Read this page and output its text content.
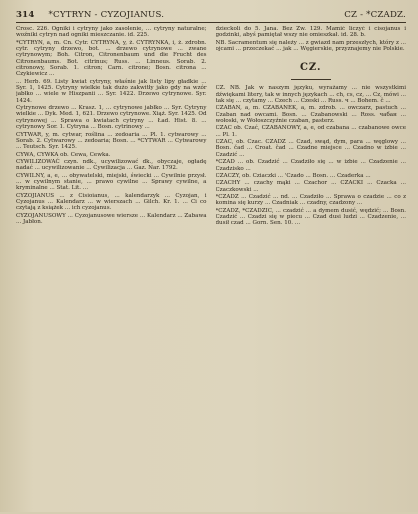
314 *CYTRYN - CYZOJIANUS.	CZ - *CZADZ.

Crosc. 226. Ogniki i cytryny jako zasolenie, ... cytryny naturalne; woźniki cytryn nad ogniki mieszczanie. id. 225.

*CYTRYN, a, m. Cn. Cytr. CYTRYNA, y, ż. CYTRYNKA, i, ż. zdrobn. cytr. cytryny drzewo, bot. ... drzewo cytrynowe ... zwane cytrynowym; Boh. Citron, Citronenbaum und die Frucht des Citronenbaums. Bot. citrinus; Russ. ... Linneus. Sorab. 2. citronowy, Sorab. 1. citron; Carn. citrone; Bosn. citrona ... Czykiewicz ...

... Herb. 69. Listy kwiat cytryny, właśnie jak listy lipy gładkie ... Syr. 1, 1425. Cytryny wielkie tak dużo zakwitły jako gdy na wzór jabłko ... wiele w Hiszpanii ... Syr. 1422. Drzewo cytrynowe. Syr. 1424.

Cytrynowe drzewo ... Krasz. 1, ... cytrynowe jabłko ... Syr. Cytryny wielkie ... Dyk. Med. 1, 621. Drzewo cytrynowe. Xiąż. Syr. 1425. Od cytrynowej ... Sprawa o kwiatach cytryny ... Ład. Hist. 8. ... cytrynowy Sor. 1. Cytryna ... Bosn. cytrinowy ...

CYTWAR, y, m. cytwar, roślina ... zedoaria ... Pl. 1. cytwarowy ... Sorab. 2. Cytwarowy ... zedoaria; Bosn. ... *CYTWAR ... Cytwarowy ... Teutsch. Syr. 1425.

CYWA, CYWKA ob. Cewa, Cewka.

CYWILIZOWAĆ czyn. ndk., ucywilizować dk., obyczaje, ogładę nadać ... ucywilizowanie ... Cywilizacja ... Gaz. Nar. 1792.

CYWILNY, a, e, ... obywatelski, miejski, świecki ... Cywilnie przysł. ... w cywilnym stanie, ... prawo cywilne ... Sprawy cywilne, a kryminalne ... Stat. Lit. ...

CYZOJIANUS ... z Cisioianus, ... kalendarzyk ... Cyzojan, i Cyzojanus ... Kalendarz ... w wierszach ... Gilch. Kr. 1. ... Ci co czytają z książek ... ich cyzojanus.

CYZOJANUSOWY ... Cyzojanusowe wiersze ... Kalendarz ... Zabawa ... Jabłon.

dzieckoli do 5. Jana. Bez Zw. 129. Mamić liczyć i cisojanus i godzinki, abyś pamiętał wszy nie omieszkał. id. 28. b.

NB. Sacramentum się należy ... z gwiazd nam przeszłych, który z ... ojcami ... przeczekać ... jak ... Węgierskie, przyznajemy nie Polskie.

CZ.

CZ. NB. Jak w naszym języku, wyrażamy ... nie wszystkimi dźwiękami litery, tak w innych językach ... ch, cs, cz, ... Cz, mówi ... tak się ... czytamy ... Czech ... Czeski ... Russ. ч ... Bohem. č ...

CZABAN, a, m. CZABANEK, a, m. zdrob. ... owczarz, pastuch ... Czaban nad owcami. Bosn. ... Czabanowski ... Ross. чабан ... wołoski, w Wołoszczyźnie czaban, pasterz.

CZAC ob. Czać, CZABANOWY, a, e, od czabana ... czabanowe owce ... Pl. 1.

CZAC, ob. Czac. CZADZ ... Czad, swąd, dym, para ... węglowy ... Bosn. čad ... Croat. čad ... Czadne miejsce ... Czadno w izbie ... Czadzić ...

*CZAD ... ob. Czadzić ... Czadziło się ... w izbie ... Czadzenie ... Czadzisko ...

CZACZY, ob. Cziaczki ... 'Czado ... Bosn. ... Czaderka ...

CZACHY ... czachy mąki ... Czachor ... CZACKI ... Czacka ... Czaczkowski ...

*CZADZ ... Czadzić ... nd. ... Czadziło ... Sprawa o czadzie ... co z komina się kurzy ... Czadniak ... czadny, czadzony ...

*CZADZ, *CZADZIC, ... czadzić ... a dymem dusić, wędzić; ... Bosn. Czadzić ... Czadzi się w piecu ... Czad dusi ludzi ... Czadzenie, ... dusił czad ... Gorn. Sen. 10. ...
